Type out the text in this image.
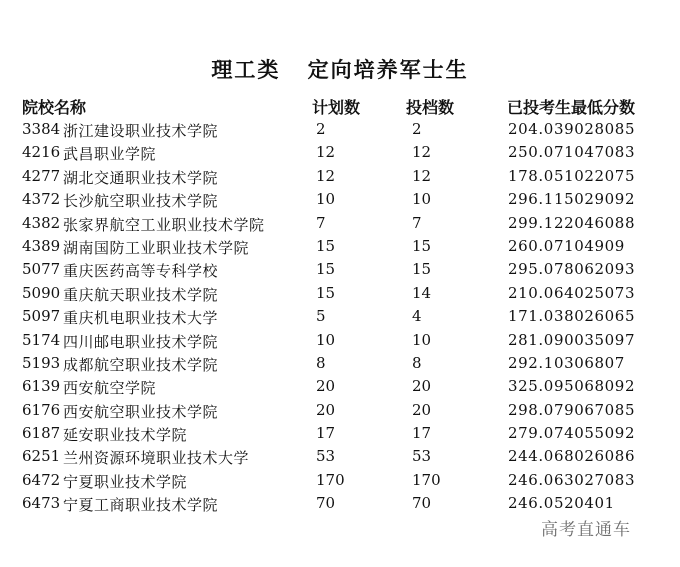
理工类 定向培养军士生
院校名称	计划数	投档数	已投考生最低分数
3384 浙江建设职业技术学院	2	2	204.039028085
4216 武昌职业学院	12	12	250.071047083
4277 湖北交通职业技术学院	12	12	178.051022075
4372 长沙航空职业技术学院	10	10	296.115029092
4382 张家界航空工业职业技术学院	7	7	299.122046088
4389 湖南国防工业职业技术学院	15	15	260.07104909
5077 重庆医药高等专科学校	15	15	295.078062093
5090 重庆航天职业技术学院	15	14	210.064025073
5097 重庆机电职业技术大学	5	4	171.038026065
5174 四川邮电职业技术学院	10	10	281.090035097
5193 成都航空职业技术学院	8	8	292.10306807
6139 西安航空学院	20	20	325.095068092
6176 西安航空职业技术学院	20	20	298.079067085
6187 延安职业技术学院	17	17	279.074055092
6251 兰州资源环境职业技术大学	53	53	244.068026086
6472 宁夏职业技术学院	170	170	246.063027083
6473 宁夏工商职业技术学院	70	70	246.0520401
高考直通车
